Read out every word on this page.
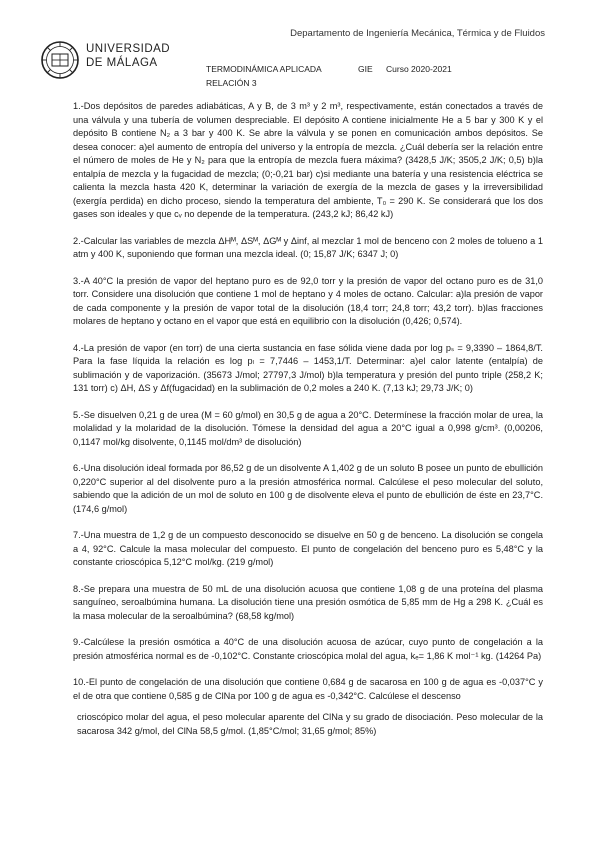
Departamento de Ingeniería Mecánica, Térmica y de Fluidos
UNIVERSIDAD
DE MÁLAGA	TERMODINÁMICA APLICADA	GIE Curso 2020-2021
RELACIÓN 3

1.-Dos depósitos de paredes adiabáticas, A y B, de 3 m³ y 2 m³, respectivamente, están conectados a través de una válvula y una tubería de volumen despreciable. El depósito A contiene inicialmente He a 5 bar y 300 K y el depósito B contiene N₂ a 3 bar y 400 K. Se abre la válvula y se ponen en comunicación ambos depósitos. Se desea conocer: a)el aumento de entropía del universo y la entropía de mezcla. ¿Cuál debería ser la relación entre el número de moles de He y N₂ para que la entropía de mezcla fuera máxima? (3428,5 J/K; 3505,2 J/K; 0,5) b)la entalpía de mezcla y la fugacidad de mezcla; (0;-0,21 bar) c)si mediante una batería y una resistencia eléctrica se calienta la mezcla hasta 420 K, determinar la variación de exergía de la mezcla de gases y la irreversibilidad (exergía perdida) en dicho proceso, siendo la temperatura del ambiente, T₀ = 290 K. Se considerará que los dos gases son ideales y que cᵥ no depende de la temperatura. (243,2 kJ; 86,42 kJ)

2.-Calcular las variables de mezcla ΔHᴹ, ΔSᴹ, ΔGᴹ y Δinf, al mezclar 1 mol de benceno con 2 moles de tolueno a 1 atm y 400 K, suponiendo que forman una mezcla ideal. (0; 15,87 J/K; 6347 J; 0)

3.-A 40°C la presión de vapor del heptano puro es de 92,0 torr y la presión de vapor del octano puro es de 31,0 torr. Considere una disolución que contiene 1 mol de heptano y 4 moles de octano. Calcular: a)la presión de vapor de cada componente y la presión de vapor total de la disolución (18,4 torr; 24,8 torr; 43,2 torr). b)las fracciones molares de heptano y octano en el vapor que está en equilibrio con la disolución (0,426; 0,574).

4.-La presión de vapor (en torr) de una cierta sustancia en fase sólida viene dada por log pₛ = 9,3390 – 1864,8/T. Para la fase líquida la relación es log pₗ = 7,7446 – 1453,1/T. Determinar: a)el calor latente (entalpía) de sublimación y de vaporización. (35673 J/mol; 27797,3 J/mol) b)la temperatura y presión del punto triple (258,2 K; 131 torr) c) ΔH, ΔS y Δf(fugacidad) en la sublimación de 0,2 moles a 240 K. (7,13 kJ; 29,73 J/K; 0)

5.-Se disuelven 0,21 g de urea (M = 60 g/mol) en 30,5 g de agua a 20°C. Determínese la fracción molar de urea, la molalidad y la molaridad de la disolución. Tómese la densidad del agua a 20°C igual a 0,998 g/cm³. (0,00206, 0,1147 mol/kg disolvente, 0,1145 mol/dm³ de disolución)

6.-Una disolución ideal formada por 86,52 g de un disolvente A 1,402 g de un soluto B posee un punto de ebullición 0,220°C superior al del disolvente puro a la presión atmosférica normal. Calcúlese el peso molecular del soluto, sabiendo que la adición de un mol de soluto en 100 g de disolvente eleva el punto de ebullición de éste en 23,7°C. (174,6 g/mol)

7.-Una muestra de 1,2 g de un compuesto desconocido se disuelve en 50 g de benceno. La disolución se congela a 4, 92°C. Calcule la masa molecular del compuesto. El punto de congelación del benceno puro es 5,48°C y la constante crioscópica 5,12°C mol/kg. (219 g/mol)

8.-Se prepara una muestra de 50 mL de una disolución acuosa que contiene 1,08 g de una proteína del plasma sanguíneo, seroalbúmina humana. La disolución tiene una presión osmótica de 5,85 mm de Hg a 298 K. ¿Cuál es la masa molecular de la seroalbúmina? (68,58 kg/mol)

9.-Calcúlese la presión osmótica a 40°C de una disolución acuosa de azúcar, cuyo punto de congelación a la presión atmosférica normal es de -0,102°C. Constante crioscópica molal del agua, kₑ= 1,86 K mol⁻¹ kg. (14264 Pa)

10.-El punto de congelación de una disolución que contiene 0,684 g de sacarosa en 100 g de agua es -0,037°C y el de otra que contiene 0,585 g de ClNa por 100 g de agua es -0,342°C. Calcúlese el descenso

crioscópico molar del agua, el peso molecular aparente del ClNa y su grado de disociación. Peso molecular de la sacarosa 342 g/mol, del ClNa 58,5 g/mol. (1,85°C/mol; 31,65 g/mol; 85%)
